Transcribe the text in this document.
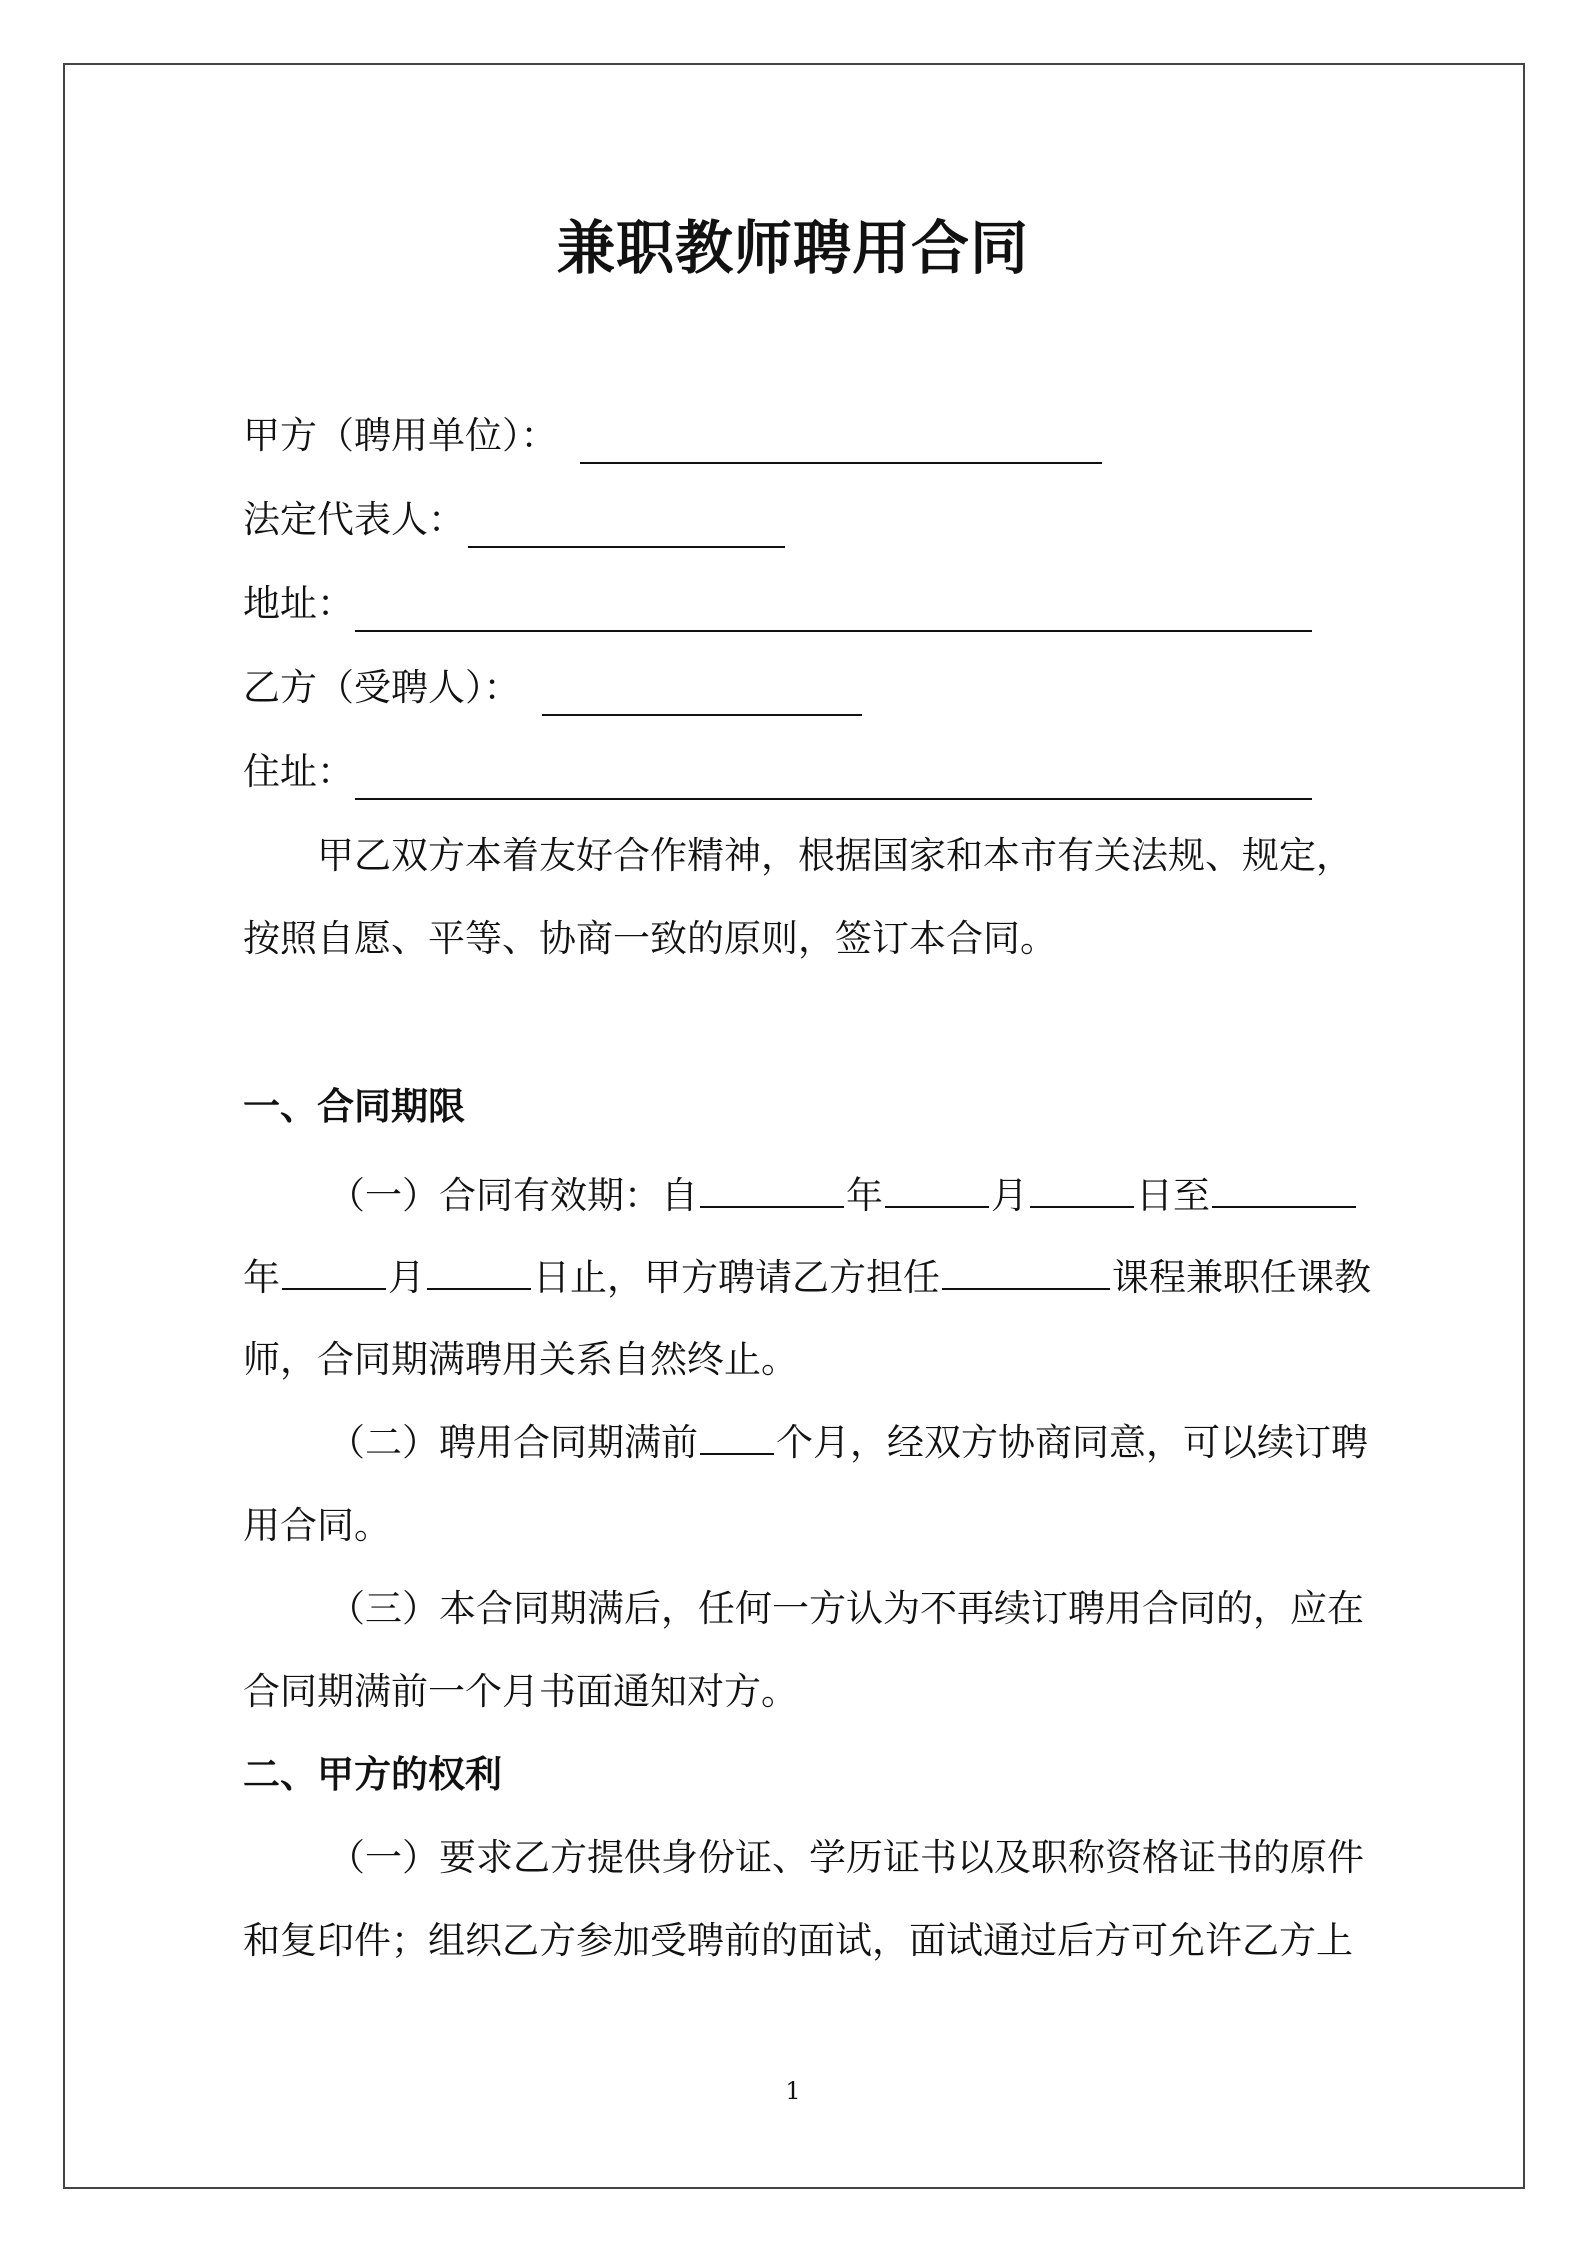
兼职教师聘用合同
甲方（聘用单位）：
法定代表人：
地址：
乙方（受聘人）：
住址：
甲乙双方本着友好合作精神，根据国家和本市有关法规、规定，
按照自愿、平等、协商一致的原则，签订本合同。
一、合同期限
（一）合同有效期：自	年	月	日至
年	月	日止，甲方聘请乙方担任	课程兼职任课教
师，合同期满聘用关系自然终止。
（二）聘用合同期满前 个月，经双方协商同意，可以续订聘
用合同。
（三）本合同期满后，任何一方认为不再续订聘用合同的，应在
合同期满前一个月书面通知对方。
二、甲方的权利
（一）要求乙方提供身份证、学历证书以及职称资格证书的原件
和复印件；组织乙方参加受聘前的面试，面试通过后方可允许乙方上
1
